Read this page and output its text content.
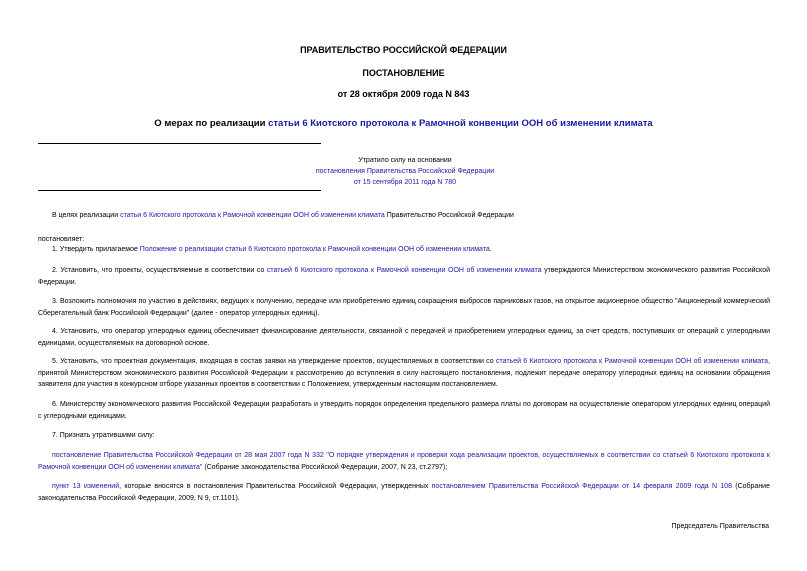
ПРАВИТЕЛЬСТВО РОССИЙСКОЙ ФЕДЕРАЦИИ
ПОСТАНОВЛЕНИЕ
от 28 октября 2009 года N 843
О мерах по реализации статьи 6 Киотского протокола к Рамочной конвенции ООН об изменении климата
Утратило силу на основании
постановления Правительства Российской Федерации
от 15 сентября 2011 года N 780
В целях реализации статьи 6 Киотского протокола к Рамочной конвенции ООН об изменении климата Правительство Российской Федерации
постановляет:
1. Утвердить прилагаемое Положение о реализации статьи 6 Киотского протокола к Рамочной конвенции ООН об изменении климата.
2. Установить, что проекты, осуществляемые в соответствии со статьей 6 Киотского протокола к Рамочной конвенции ООН об изменении климата утверждаются Министерством экономического развития Российской Федерации.
3. Возложить полномочия по участию в действиях, ведущих к получению, передаче или приобретению единиц сокращения выбросов парниковых газов, на открытое акционерное общество "Акционерный коммерческий Сберегательный банк Российской Федерации" (далее - оператор углеродных единиц).
4. Установить, что оператор углеродных единиц обеспечивает финансирование деятельности, связанной с передачей и приобретением углеродных единиц, за счет средств, поступивших от операций с углеродными единицами, осуществляемых на договорной основе.
5. Установить, что проектная документация, входящая в состав заявки на утверждение проектов, осуществляемых в соответствии со статьей 6 Киотского протокола к Рамочной конвенции ООН об изменении климата, принятой Министерством экономического развития Российской Федерации к рассмотрению до вступления в силу настоящего постановления, подлежит передаче оператору углеродных единиц на основании обращения заявителя для участия в конкурсном отборе указанных проектов в соответствии с Положением, утвержденным настоящим постановлением.
6. Министерству экономического развития Российской Федерации разработать и утвердить порядок определения предельного размера платы по договорам на осуществление оператором углеродных единиц операций с углеродными единицами.
7. Признать утратившими силу:
постановление Правительства Российской Федерации от 28 мая 2007 года N 332 "О порядке утверждения и проверки хода реализации проектов, осуществляемых в соответствии со статьей 6 Киотского протокола к Рамочной конвенции ООН об изменении климата" (Собрание законодательства Российской Федерации, 2007, N 23, ст.2797);
пункт 13 изменений, которые вносятся в постановления Правительства Российской Федерации, утвержденных постановлением Правительства Российской Федерации от 14 февраля 2009 года N 108 (Собрание законодательства Российской Федерации, 2009, N 9, ст.1101).
Председатель Правительства
